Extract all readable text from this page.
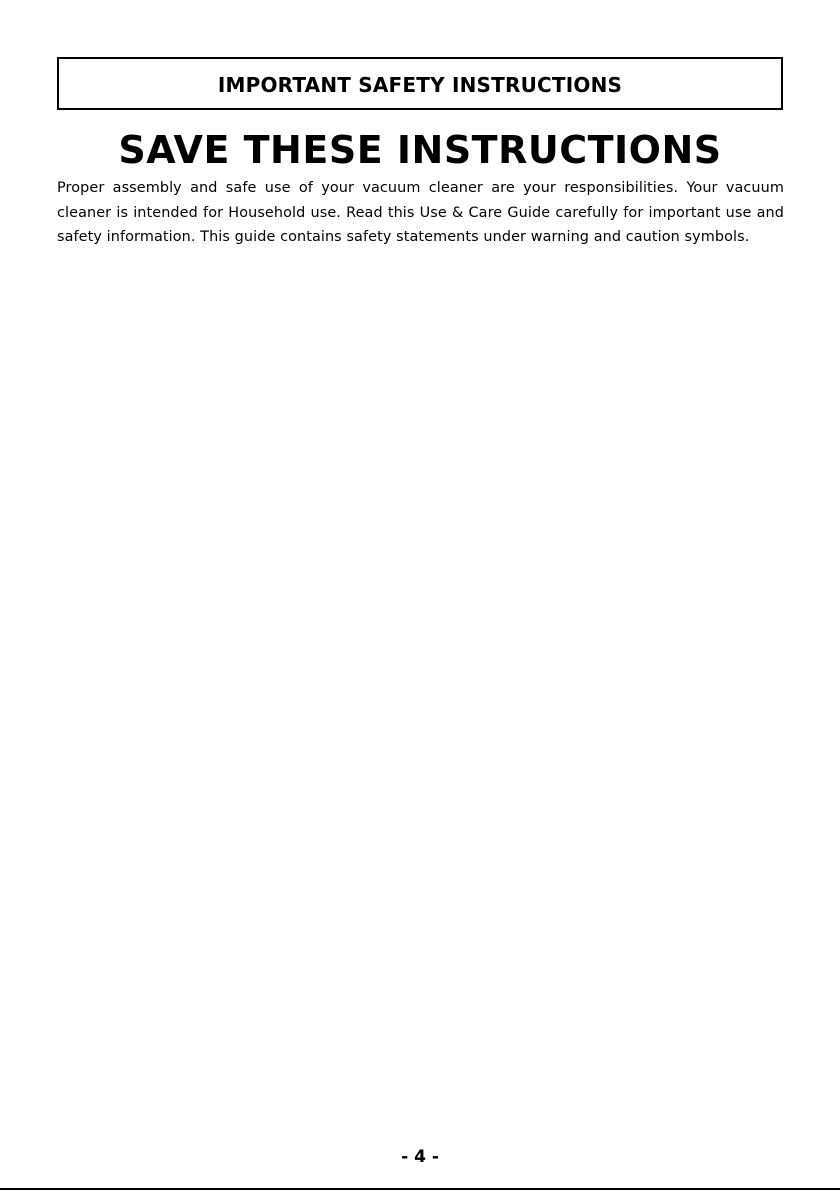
IMPORTANT SAFETY INSTRUCTIONS
SAVE THESE INSTRUCTIONS

Proper assembly and safe use of your vacuum cleaner are your responsibilities. Your vacuum cleaner is intended for Household use. Read this Use & Care Guide carefully for important use and safety information. This guide contains safety statements under warning and caution symbols.

- 4 -
